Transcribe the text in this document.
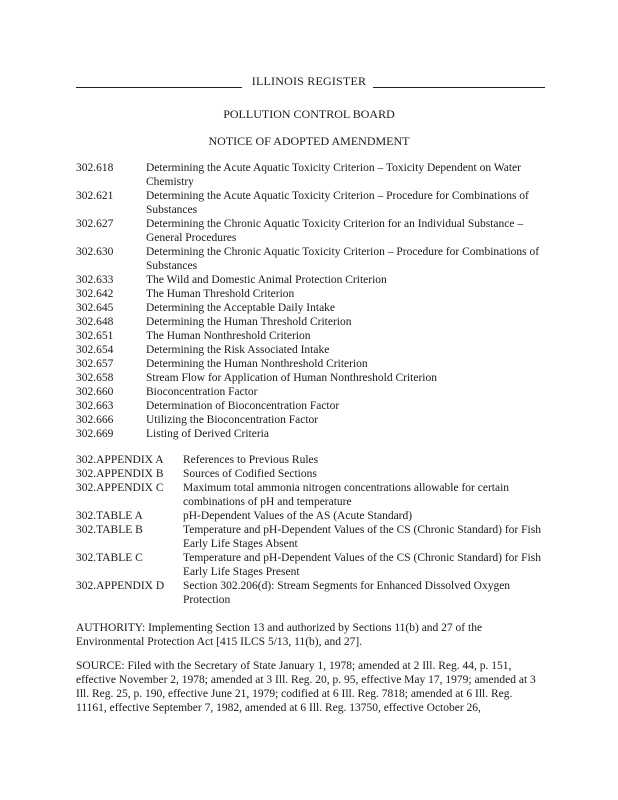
ILLINOIS REGISTER
POLLUTION CONTROL BOARD
NOTICE OF ADOPTED AMENDMENT
302.618	Determining the Acute Aquatic Toxicity Criterion – Toxicity Dependent on Water Chemistry
302.621	Determining the Acute Aquatic Toxicity Criterion – Procedure for Combinations of Substances
302.627	Determining the Chronic Aquatic Toxicity Criterion for an Individual Substance – General Procedures
302.630	Determining the Chronic Aquatic Toxicity Criterion – Procedure for Combinations of Substances
302.633	The Wild and Domestic Animal Protection Criterion
302.642	The Human Threshold Criterion
302.645	Determining the Acceptable Daily Intake
302.648	Determining the Human Threshold Criterion
302.651	The Human Nonthreshold Criterion
302.654	Determining the Risk Associated Intake
302.657	Determining the Human Nonthreshold Criterion
302.658	Stream Flow for Application of Human Nonthreshold Criterion
302.660	Bioconcentration Factor
302.663	Determination of Bioconcentration Factor
302.666	Utilizing the Bioconcentration Factor
302.669	Listing of Derived Criteria
302.APPENDIX A	References to Previous Rules
302.APPENDIX B	Sources of Codified Sections
302.APPENDIX C	Maximum total ammonia nitrogen concentrations allowable for certain combinations of pH and temperature
302.TABLE A	pH-Dependent Values of the AS (Acute Standard)
302.TABLE B	Temperature and pH-Dependent Values of the CS (Chronic Standard) for Fish Early Life Stages Absent
302.TABLE C	Temperature and pH-Dependent Values of the CS (Chronic Standard) for Fish Early Life Stages Present
302.APPENDIX D	Section 302.206(d): Stream Segments for Enhanced Dissolved Oxygen Protection
AUTHORITY: Implementing Section 13 and authorized by Sections 11(b) and 27 of the Environmental Protection Act [415 ILCS 5/13, 11(b), and 27].
SOURCE: Filed with the Secretary of State January 1, 1978; amended at 2 Ill. Reg. 44, p. 151, effective November 2, 1978; amended at 3 Ill. Reg. 20, p. 95, effective May 17, 1979; amended at 3 Ill. Reg. 25, p. 190, effective June 21, 1979; codified at 6 Ill. Reg. 7818; amended at 6 Ill. Reg. 11161, effective September 7, 1982, amended at 6 Ill. Reg. 13750, effective October 26,
